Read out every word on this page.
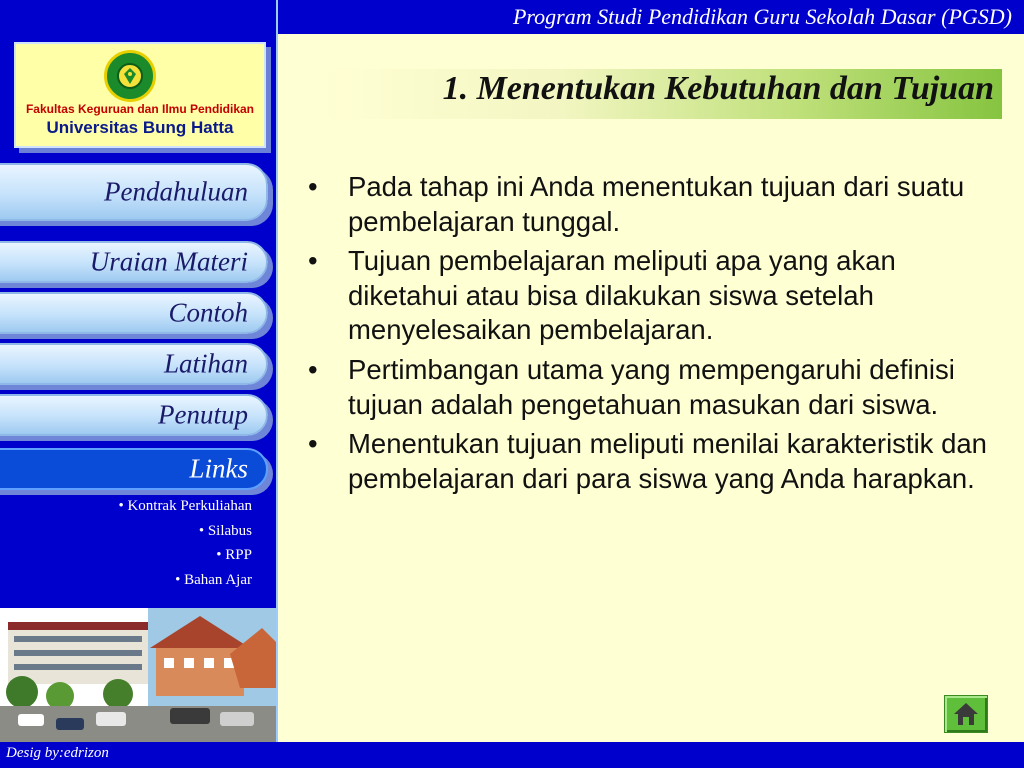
Program Studi Pendidikan Guru Sekolah Dasar (PGSD)
Fakultas Keguruan dan Ilmu Pendidikan
Universitas Bung Hatta
Pendahuluan
Uraian Materi
Contoh
Latihan
Penutup
Links
• Kontrak Perkuliahan
• Silabus
• RPP
• Bahan Ajar
Desig by:edrizon
1. Menentukan Kebutuhan dan Tujuan
• Pada tahap ini Anda menentukan tujuan dari suatu pembelajaran tunggal.
• Tujuan pembelajaran meliputi apa yang akan diketahui atau bisa dilakukan siswa setelah menyelesaikan pembelajaran.
• Pertimbangan utama yang mempengaruhi definisi tujuan adalah pengetahuan masukan dari siswa.
• Menentukan tujuan meliputi menilai karakteristik dan pembelajaran dari para siswa yang Anda harapkan.
